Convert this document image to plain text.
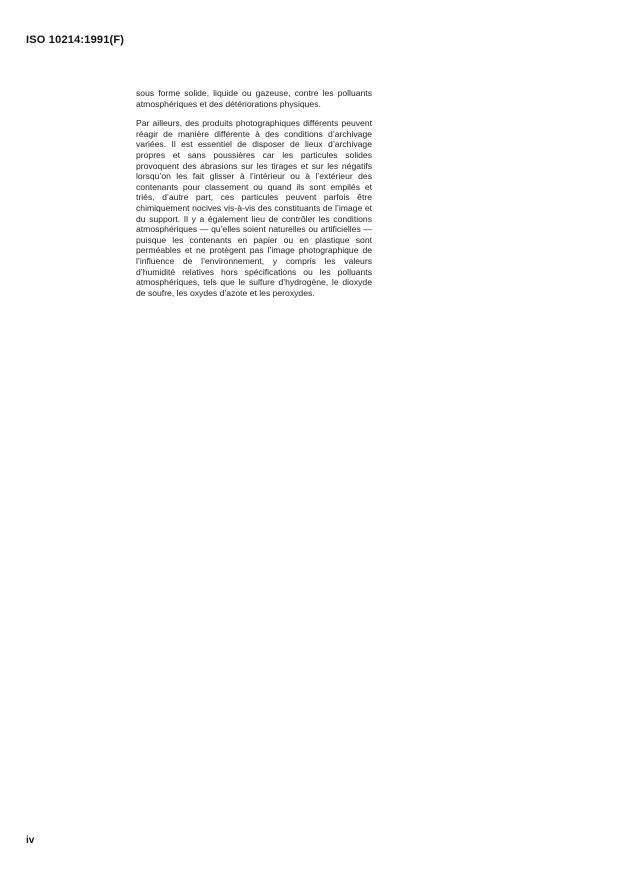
ISO 10214:1991(F)

sous forme solide, liquide ou gazeuse, contre les polluants atmosphériques et des détériorations physiques.

Par ailleurs, des produits photographiques différents peuvent réagir de manière différente à des conditions d’archivage variées. Il est essentiel de disposer de lieux d’archivage propres et sans poussières car les particules solides provoquent des abrasions sur les tirages et sur les négatifs lorsqu’on les fait glisser à l’intérieur ou à l’extérieur des contenants pour classement ou quand ils sont empilés et triés, d’autre part, ces particules peuvent parfois être chimiquement nocives vis-à-vis des constituants de l’image et du support. Il y a également lieu de contrôler les conditions atmosphériques — qu’elles soient naturelles ou artificielles — puisque les contenants en papier ou en plastique sont perméables et ne protègent pas l’image photographique de l’influence de l’environnement, y compris les valeurs d’humidité relatives hors spécifications ou les polluants atmosphériques, tels que le sulfure d’hydrogène, le dioxyde de soufre, les oxydes d’azote et les peroxydes.

iv
